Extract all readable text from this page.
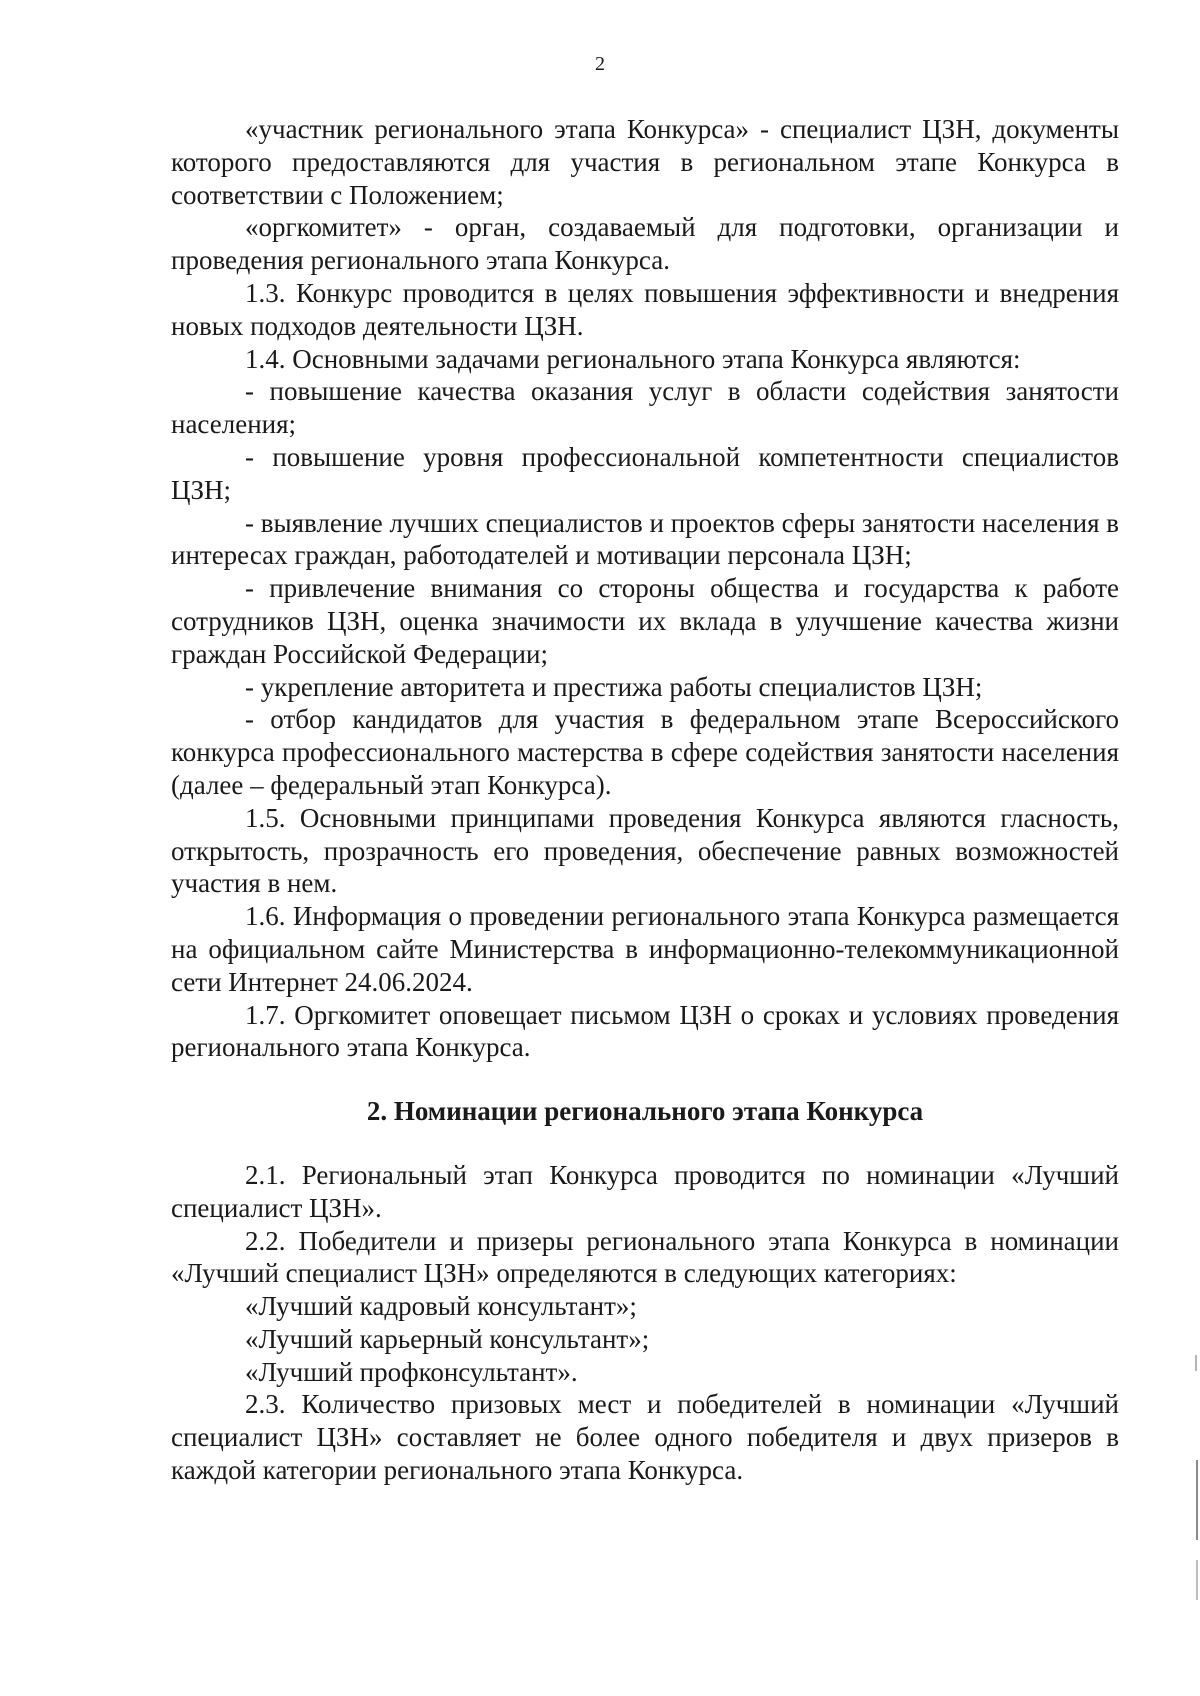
2

«участник регионального этапа Конкурса» - специалист ЦЗН, документы которого предоставляются для участия в региональном этапе Конкурса в соответствии с Положением;

«оргкомитет» - орган, создаваемый для подготовки, организации и проведения регионального этапа Конкурса.

1.3. Конкурс проводится в целях повышения эффективности и внедрения новых подходов деятельности ЦЗН.

1.4. Основными задачами регионального этапа Конкурса являются:

- повышение качества оказания услуг в области содействия занятости населения;

- повышение уровня профессиональной компетентности специалистов ЦЗН;

- выявление лучших специалистов и проектов сферы занятости населения в интересах граждан, работодателей и мотивации персонала ЦЗН;

- привлечение внимания со стороны общества и государства к работе сотрудников ЦЗН, оценка значимости их вклада в улучшение качества жизни граждан Российской Федерации;

- укрепление авторитета и престижа работы специалистов ЦЗН;

- отбор кандидатов для участия в федеральном этапе Всероссийского конкурса профессионального мастерства в сфере содействия занятости населения (далее – федеральный этап Конкурса).

1.5. Основными принципами проведения Конкурса являются гласность, открытость, прозрачность его проведения, обеспечение равных возможностей участия в нем.

1.6. Информация о проведении регионального этапа Конкурса размещается на официальном сайте Министерства в информационно-телекоммуникационной сети Интернет 24.06.2024.

1.7. Оргкомитет оповещает письмом ЦЗН о сроках и условиях проведения регионального этапа Конкурса.

2. Номинации регионального этапа Конкурса

2.1. Региональный этап Конкурса проводится по номинации «Лучший специалист ЦЗН».

2.2. Победители и призеры регионального этапа Конкурса в номинации «Лучший специалист ЦЗН» определяются в следующих категориях:

«Лучший кадровый консультант»;

«Лучший карьерный консультант»;

«Лучший профконсультант».

2.3. Количество призовых мест и победителей в номинации «Лучший специалист ЦЗН» составляет не более одного победителя и двух призеров в каждой категории регионального этапа Конкурса.
